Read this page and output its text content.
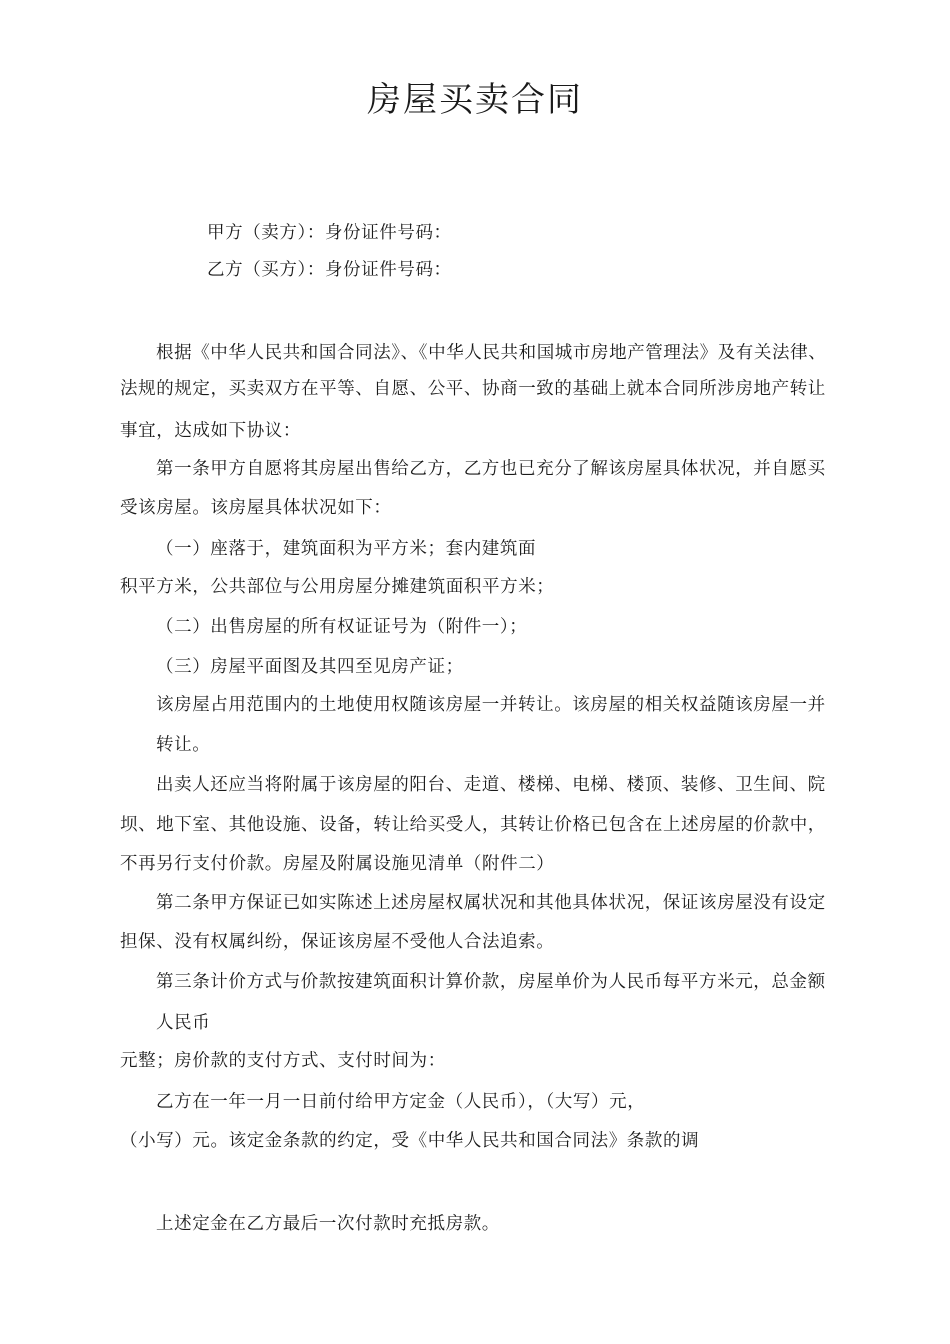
房屋买卖合同
甲方（卖方）：身份证件号码：
乙方（买方）：身份证件号码：
根据《中华人民共和国合同法》、《中华人民共和国城市房地产管理法》及有关法律、
法规的规定，买卖双方在平等、自愿、公平、协商一致的基础上就本合同所涉房地产转让
事宜，达成如下协议：
第一条甲方自愿将其房屋出售给乙方，乙方也已充分了解该房屋具体状况，并自愿买
受该房屋。该房屋具体状况如下：
（一）座落于，建筑面积为平方米；套内建筑面
积平方米，公共部位与公用房屋分摊建筑面积平方米；
（二）出售房屋的所有权证证号为（附件一）；
（三）房屋平面图及其四至见房产证；
该房屋占用范围内的土地使用权随该房屋一并转让。该房屋的相关权益随该房屋一并
转让。
出卖人还应当将附属于该房屋的阳台、走道、楼梯、电梯、楼顶、装修、卫生间、院
坝、地下室、其他设施、设备，转让给买受人，其转让价格已包含在上述房屋的价款中，
不再另行支付价款。房屋及附属设施见清单（附件二）
第二条甲方保证已如实陈述上述房屋权属状况和其他具体状况，保证该房屋没有设定
担保、没有权属纠纷，保证该房屋不受他人合法追索。
第三条计价方式与价款按建筑面积计算价款，房屋单价为人民币每平方米元，总金额
人民币
元整；房价款的支付方式、支付时间为：
乙方在一年一月一日前付给甲方定金（人民币），（大写）元，
（小写）元。该定金条款的约定，受《中华人民共和国合同法》条款的调
上述定金在乙方最后一次付款时充抵房款。
